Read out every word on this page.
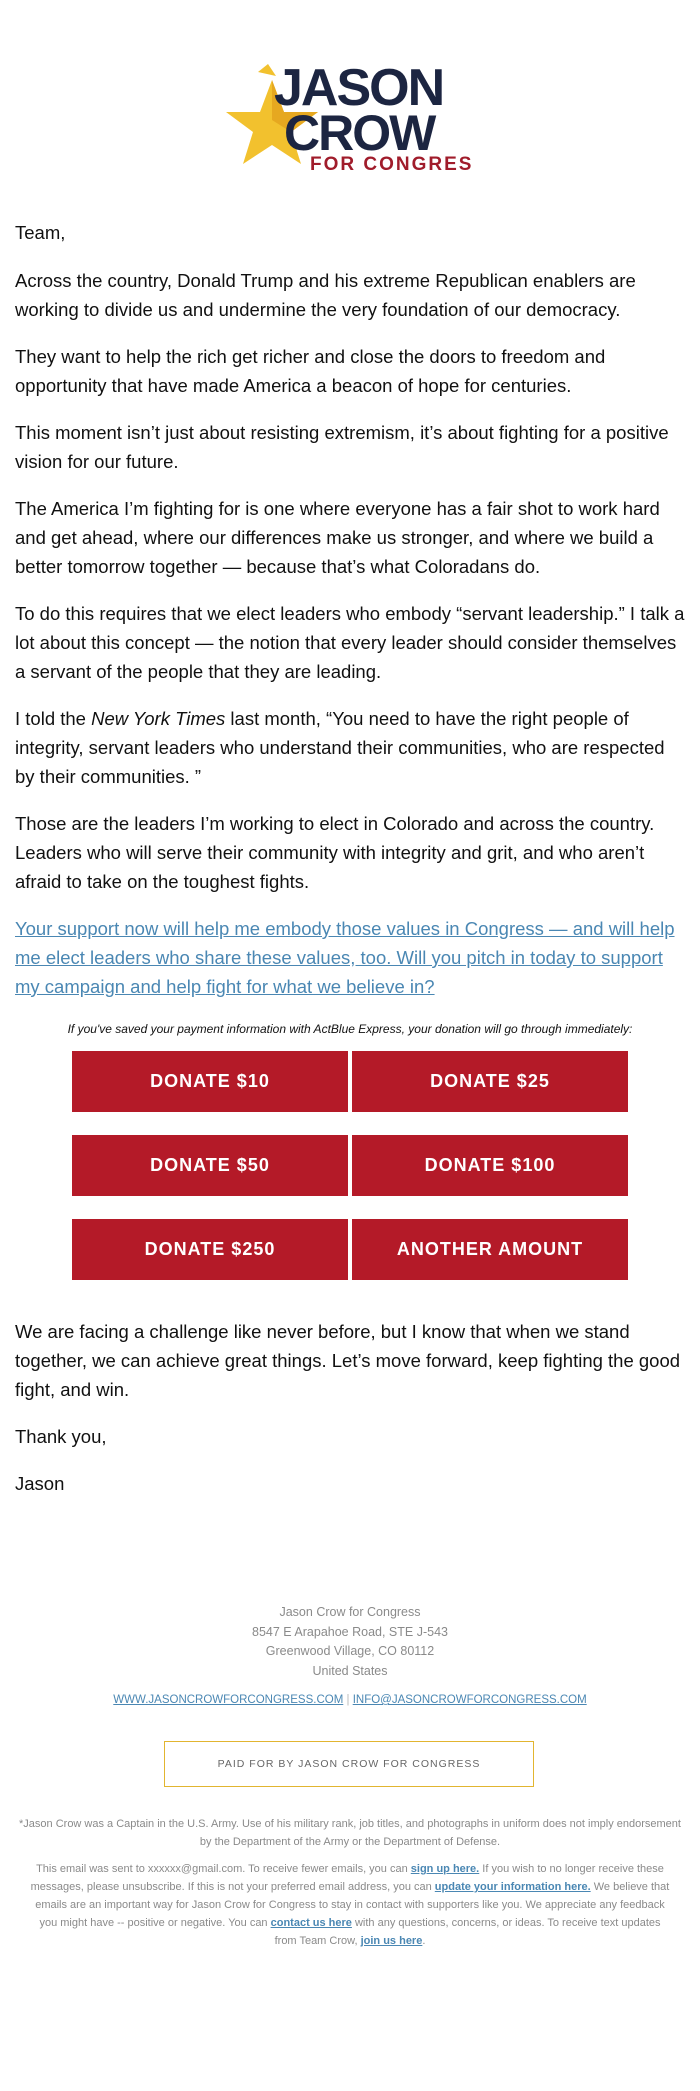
JASON
CROW
FOR CONGRESS

Team,

Across the country, Donald Trump and his extreme Republican enablers are working to divide us and undermine the very foundation of our democracy.

They want to help the rich get richer and close the doors to freedom and opportunity that have made America a beacon of hope for centuries.

This moment isn’t just about resisting extremism, it’s about fighting for a positive vision for our future.

The America I’m fighting for is one where everyone has a fair shot to work hard and get ahead, where our differences make us stronger, and where we build a better tomorrow together — because that’s what Coloradans do.

To do this requires that we elect leaders who embody “servant leadership.” I talk a lot about this concept — the notion that every leader should consider themselves a servant of the people that they are leading.

I told the New York Times last month, “You need to have the right people of integrity, servant leaders who understand their communities, who are respected by their communities. ”

Those are the leaders I’m working to elect in Colorado and across the country. Leaders who will serve their community with integrity and grit, and who aren’t afraid to take on the toughest fights.

Your support now will help me embody those values in Congress — and will help me elect leaders who share these values, too. Will you pitch in today to support my campaign and help fight for what we believe in?

If you've saved your payment information with ActBlue Express, your donation will go through immediately:
DONATE $10	DONATE $25
DONATE $50	DONATE $100
DONATE $250	ANOTHER AMOUNT

We are facing a challenge like never before, but I know that when we stand together, we can achieve great things. Let’s move forward, keep fighting the good fight, and win.

Thank you,

Jason

Jason Crow for Congress
8547 E Arapahoe Road, STE J-543
Greenwood Village, CO 80112
United States
WWW.JASONCROWFORCONGRESS.COM | INFO@JASONCROWFORCONGRESS.COM
PAID FOR BY JASON CROW FOR CONGRESS
*Jason Crow was a Captain in the U.S. Army. Use of his military rank, job titles, and photographs in uniform does not imply endorsement by the Department of the Army or the Department of Defense.
This email was sent to xxxxxx@gmail.com. To receive fewer emails, you can sign up here. If you wish to no longer receive these messages, please unsubscribe. If this is not your preferred email address, you can update your information here. We believe that emails are an important way for Jason Crow for Congress to stay in contact with supporters like you. We appreciate any feedback you might have -- positive or negative. You can contact us here with any questions, concerns, or ideas. To receive text updates from Team Crow, join us here.
